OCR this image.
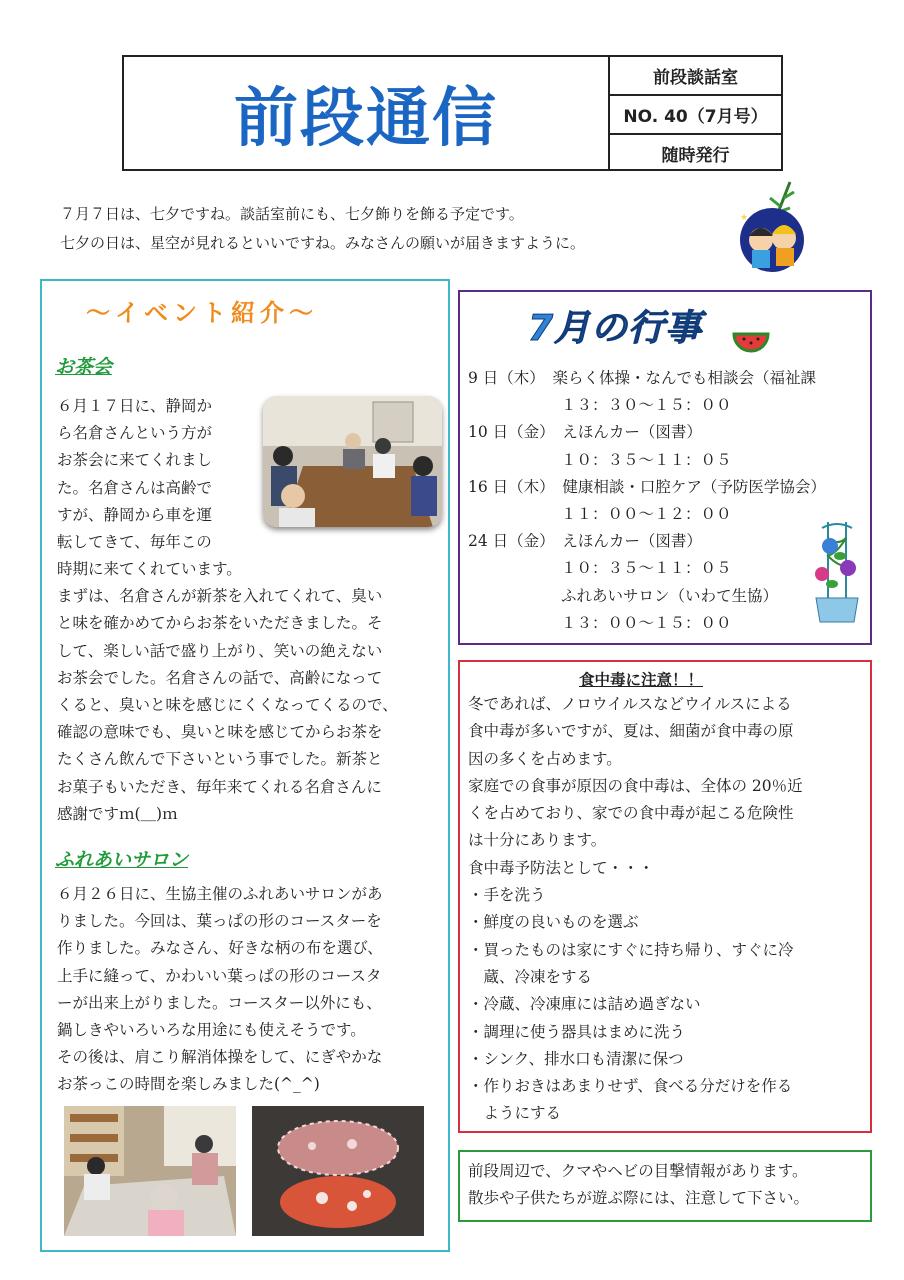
前段通信
前段談話室
NO. 40（7月号）
随時発行
７月７日は、七夕ですね。談話室前にも、七夕飾りを飾る予定です。
七夕の日は、星空が見れるといいですね。みなさんの願いが届きますように。
★
★
～イベント紹介～
お茶会
６月１７日に、静岡か
ら名倉さんという方が
お茶会に来てくれまし
た。名倉さんは高齢で
すが、静岡から車を運
転してきて、毎年この
時期に来てくれています。
まずは、名倉さんが新茶を入れてくれて、臭い
と味を確かめてからお茶をいただきました。そ
して、楽しい話で盛り上がり、笑いの絶えない
お茶会でした。名倉さんの話で、高齢になって
くると、臭いと味を感じにくくなってくるので、
確認の意味でも、臭いと味を感じてからお茶を
たくさん飲んで下さいという事でした。新茶と
お菓子もいただき、毎年来てくれる名倉さんに
感謝ですｍ(＿)ｍ
ふれあいサロン
６月２６日に、生協主催のふれあいサロンがあ
りました。今回は、葉っぱの形のコースターを
作りました。みなさん、好きな柄の布を選び、
上手に縫って、かわいい葉っぱの形のコースタ
ーが出来上がりました。コースター以外にも、
鍋しきやいろいろな用途にも使えそうです。
その後は、肩こり解消体操をして、にぎやかな
お茶っこの時間を楽しみました(^_^)
7月の行事
9 日（木）　楽らく体操・なんでも相談会（福祉課
　　　　　　１３：３０～１５：００
10 日（金）　えほんカー（図書）
　　　　　　１０：３５～１１：０５
16 日（木）　健康相談・口腔ケア（予防医学協会）
　　　　　　１１：００～１２：００
24 日（金）　えほんカー（図書）
　　　　　　１０：３５～１１：０５
　　　　　　ふれあいサロン（いわて生協）
　　　　　　１３：００～１５：００
食中毒に注意！！
冬であれば、ノロウイルスなどウイルスによる
食中毒が多いですが、夏は、細菌が食中毒の原
因の多くを占めます。
家庭での食事が原因の食中毒は、全体の 20％近
くを占めており、家での食中毒が起こる危険性
は十分にあります。
食中毒予防法として・・・
・手を洗う
・鮮度の良いものを選ぶ
・買ったものは家にすぐに持ち帰り、すぐに冷
　蔵、冷凍をする
・冷蔵、冷凍庫には詰め過ぎない
・調理に使う器具はまめに洗う
・シンク、排水口も清潔に保つ
・作りおきはあまりせず、食べる分だけを作る
　ようにする
前段周辺で、クマやヘビの目撃情報があります。
散歩や子供たちが遊ぶ際には、注意して下さい。
